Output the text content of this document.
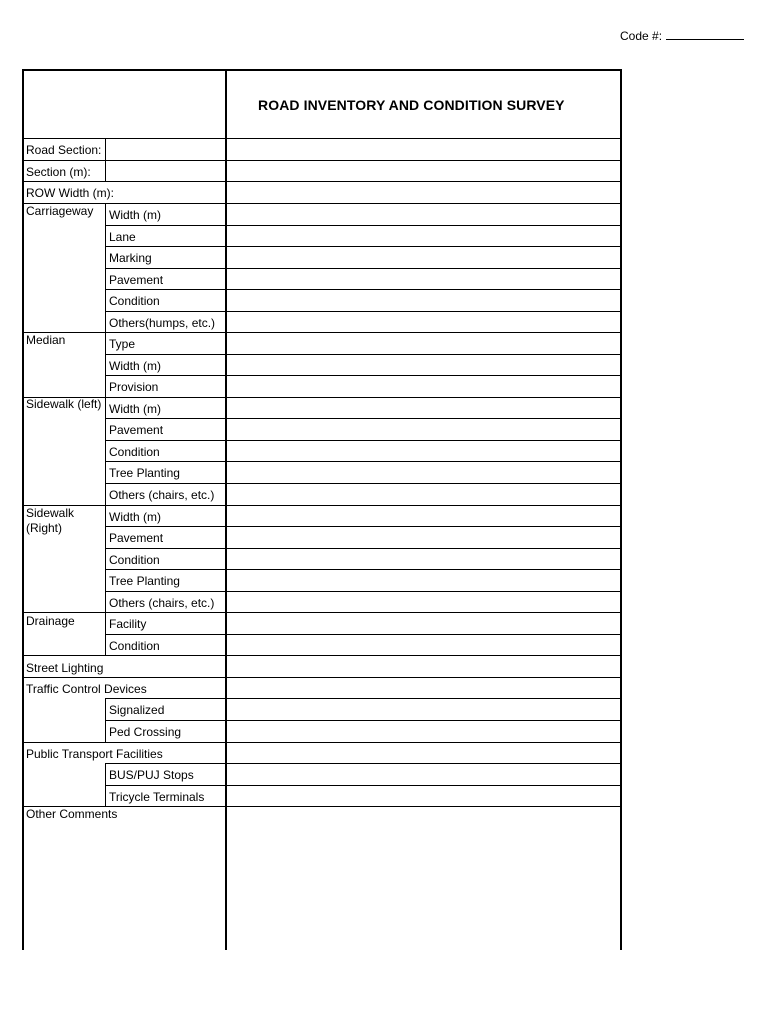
Code #:
ROAD INVENTORY AND CONDITION SURVEY
Road Section:
Section (m):
ROW Width (m):
Carriageway
Median
Sidewalk (left)
Sidewalk
(Right)
Drainage
Street Lighting
Traffic Control Devices
Public Transport Facilities
Other Comments
Width (m)
Lane
Marking
Pavement
Condition
Others(humps, etc.)
Type
Width (m)
Provision
Width (m)
Pavement
Condition
Tree Planting
Others (chairs, etc.)
Width (m)
Pavement
Condition
Tree Planting
Others (chairs, etc.)
Facility
Condition
Signalized
Ped Crossing
BUS/PUJ Stops
Tricycle Terminals
